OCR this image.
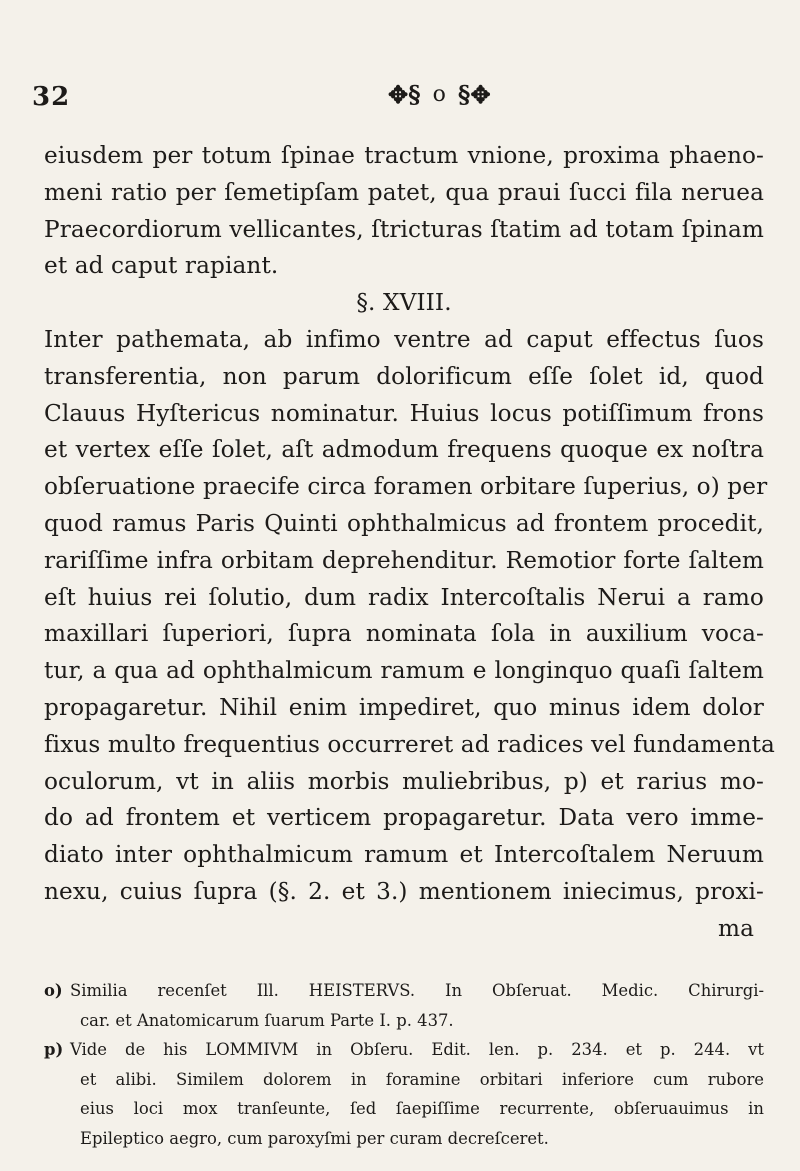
32	✥§ o §✥
eiusdem per totum ſpinae tractum vnione, proxima phaeno-
meni ratio per ſemetipſam patet, qua praui ſucci fila neruea
Praecordiorum vellicantes, ſtricturas ſtatim ad totam ſpinam
et ad caput rapiant.
§. XVIII.
Inter pathemata, ab infimo ventre ad caput effectus ſuos
transferentia, non parum dolorificum eſſe ſolet id, quod
Clauus Hyſtericus nominatur. Huius locus potiſſimum frons
et vertex eſſe ſolet, aſt admodum frequens quoque ex noſtra
obſeruatione praecife circa foramen orbitare ſuperius, o) per
quod ramus Paris Quinti ophthalmicus ad frontem procedit,
rariſſime infra orbitam deprehenditur. Remotior forte ſaltem
eſt huius rei ſolutio, dum radix Intercoſtalis Nerui a ramo
maxillari ſuperiori, ſupra nominata ſola in auxilium voca-
tur, a qua ad ophthalmicum ramum e longinquo quaſi ſaltem
propagaretur. Nihil enim impediret, quo minus idem dolor
fixus multo frequentius occurreret ad radices vel fundamenta
oculorum, vt in aliis morbis muliebribus, p) et rarius mo-
do ad frontem et verticem propagaretur. Data vero imme-
diato inter ophthalmicum ramum et Intercoſtalem Neruum
nexu, cuius ſupra (§. 2. et 3.) mentionem iniecimus, proxi-
ma
o) Similia recenſet Ill. HEISTERVS. In Obſeruat. Medic. Chirurgi-
car. et Anatomicarum ſuarum Parte I. p. 437.
p) Vide de his LOMMIVM in Obſeru. Edit. len. p. 234. et p. 244. vt
et alibi. Similem dolorem in foramine orbitari inferiore cum rubore
eius loci mox tranſeunte, ſed ſaepiſſime recurrente, obſeruauimus in
Epileptico aegro, cum paroxyſmi per curam decreſceret.
